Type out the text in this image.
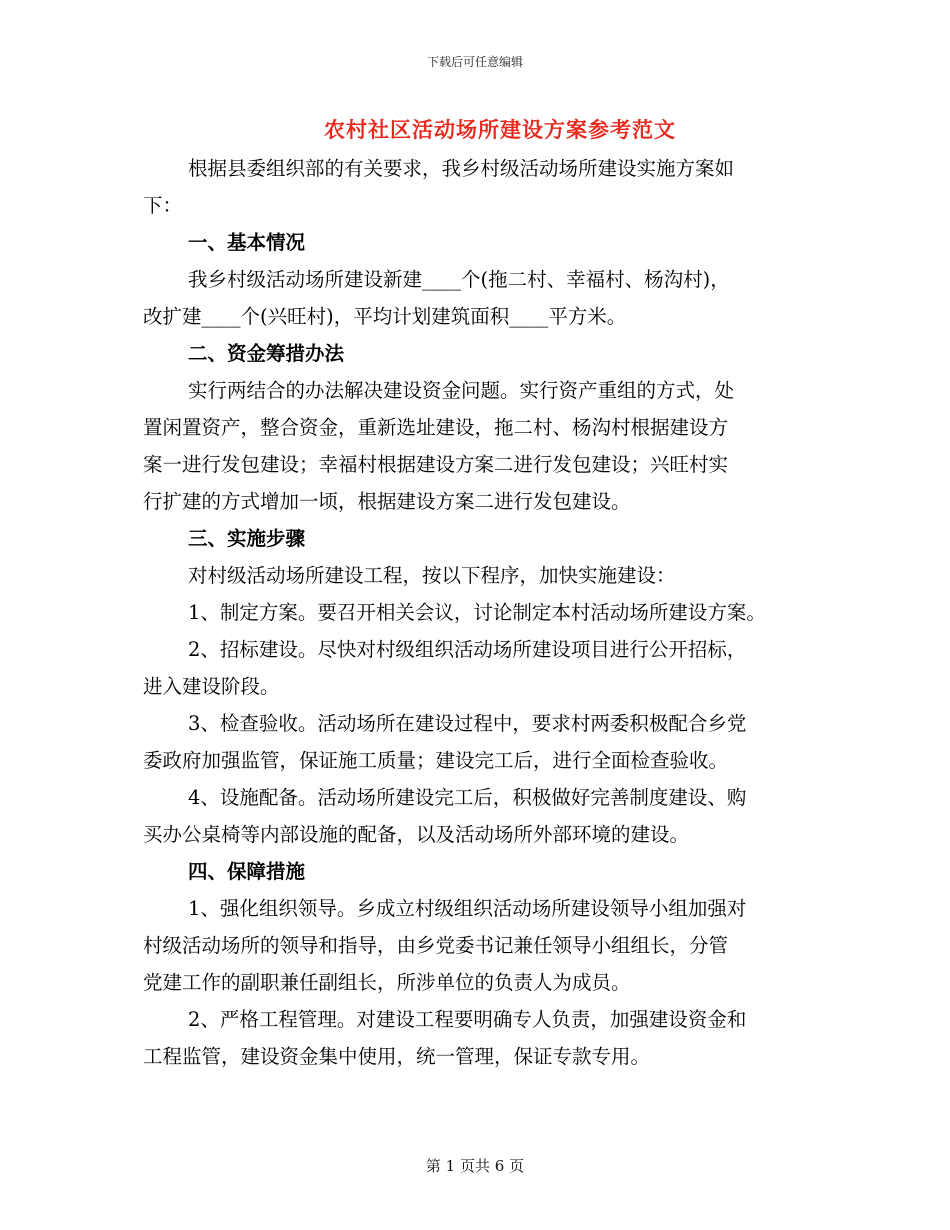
下载后可任意编辑
农村社区活动场所建设方案参考范文
根据县委组织部的有关要求，我乡村级活动场所建设实施方案如
下：
一、基本情况
我乡村级活动场所建设新建____个(拖二村、幸福村、杨沟村)，
改扩建____个(兴旺村)，平均计划建筑面积____平方米。
二、资金筹措办法
实行两结合的办法解决建设资金问题。实行资产重组的方式，处
置闲置资产，整合资金，重新选址建设，拖二村、杨沟村根据建设方
案一进行发包建设；幸福村根据建设方案二进行发包建设；兴旺村实
行扩建的方式增加一顷，根据建设方案二进行发包建设。
三、实施步骤
对村级活动场所建设工程，按以下程序，加快实施建设：
1、制定方案。要召开相关会议，讨论制定本村活动场所建设方案。
2、招标建设。尽快对村级组织活动场所建设项目进行公开招标，
进入建设阶段。
3、检查验收。活动场所在建设过程中，要求村两委积极配合乡党
委政府加强监管，保证施工质量；建设完工后，进行全面检查验收。
4、设施配备。活动场所建设完工后，积极做好完善制度建设、购
买办公桌椅等内部设施的配备，以及活动场所外部环境的建设。
四、保障措施
1、强化组织领导。乡成立村级组织活动场所建设领导小组加强对
村级活动场所的领导和指导，由乡党委书记兼任领导小组组长，分管
党建工作的副职兼任副组长，所涉单位的负责人为成员。
2、严格工程管理。对建设工程要明确专人负责，加强建设资金和
工程监管，建设资金集中使用，统一管理，保证专款专用。
第 1 页共 6 页
